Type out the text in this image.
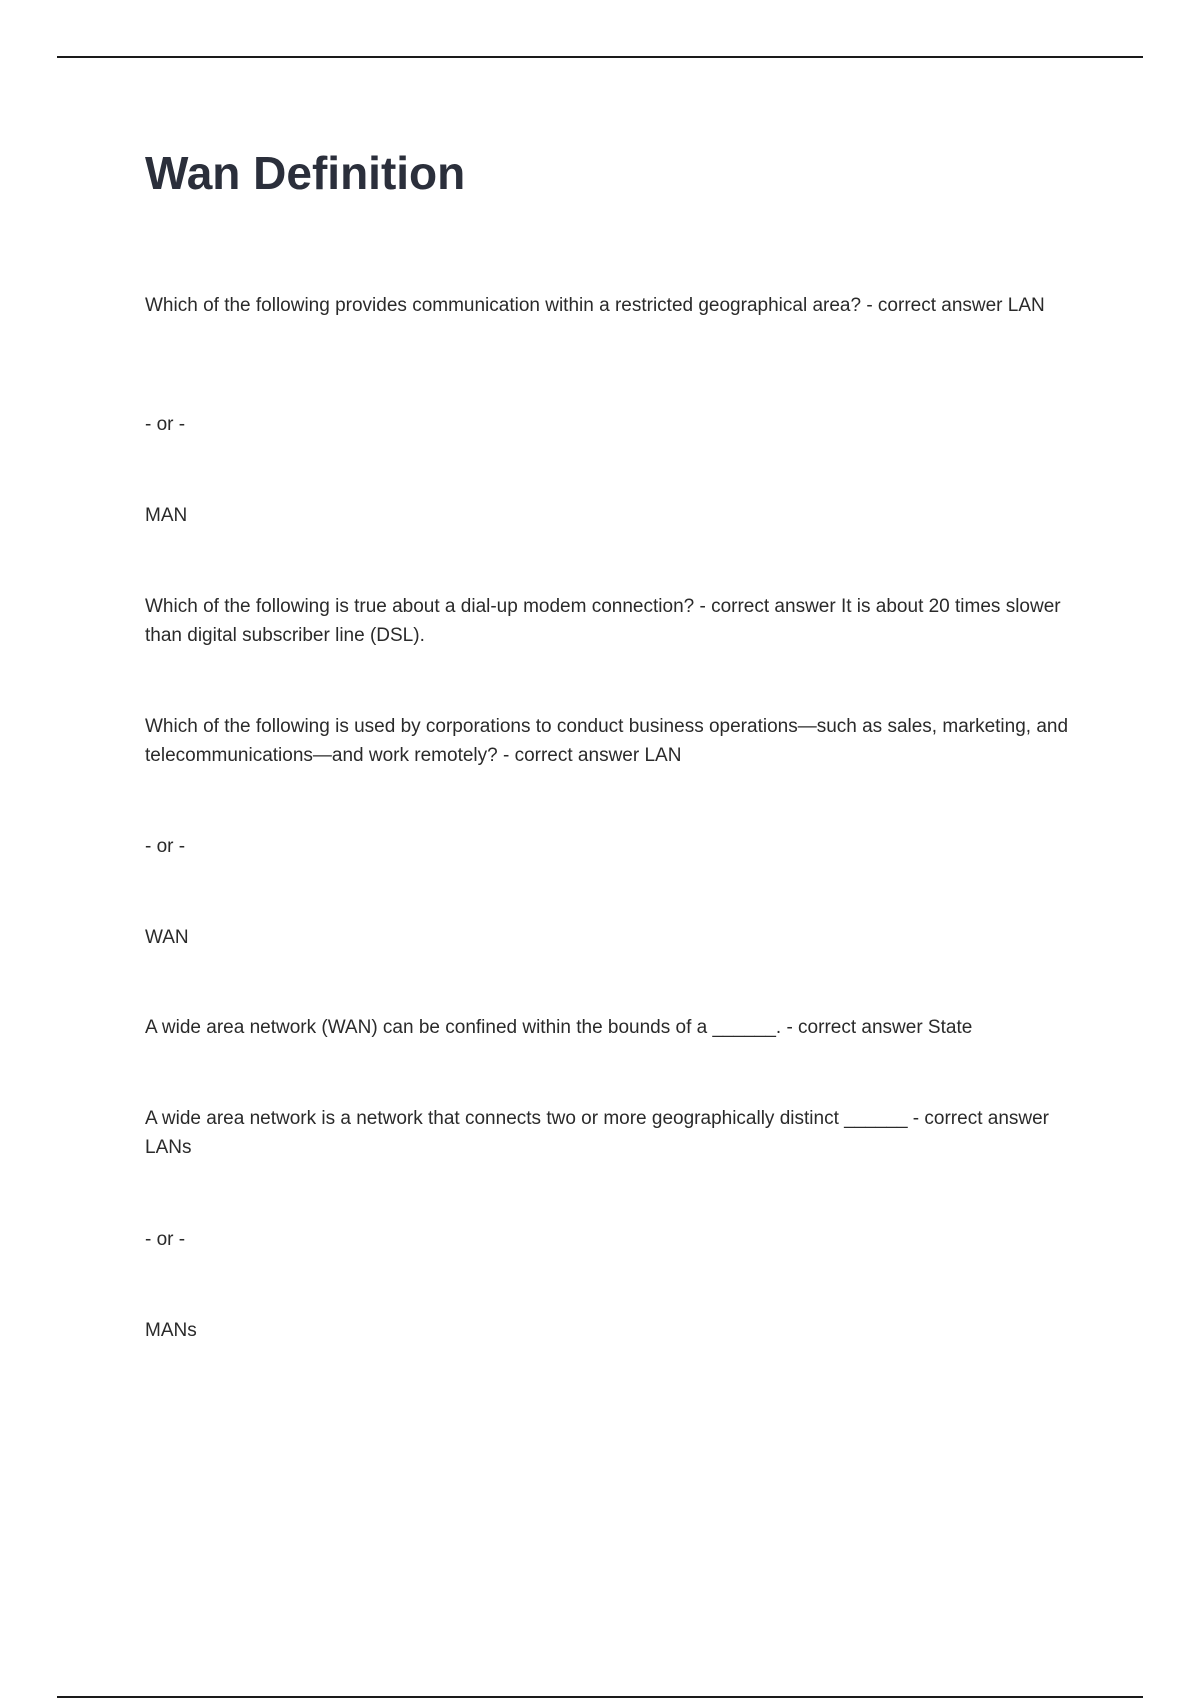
Wan Definition

Which of the following provides communication within a restricted geographical area? - correct answer LAN

- or -

MAN

Which of the following is true about a dial-up modem connection? - correct answer It is about 20 times slower than digital subscriber line (DSL).

Which of the following is used by corporations to conduct business operations—such as sales, marketing, and telecommunications—and work remotely? - correct answer LAN

- or -

WAN

A wide area network (WAN) can be confined within the bounds of a ______. - correct answer State

A wide area network is a network that connects two or more geographically distinct ______ - correct answer LANs

- or -

MANs
